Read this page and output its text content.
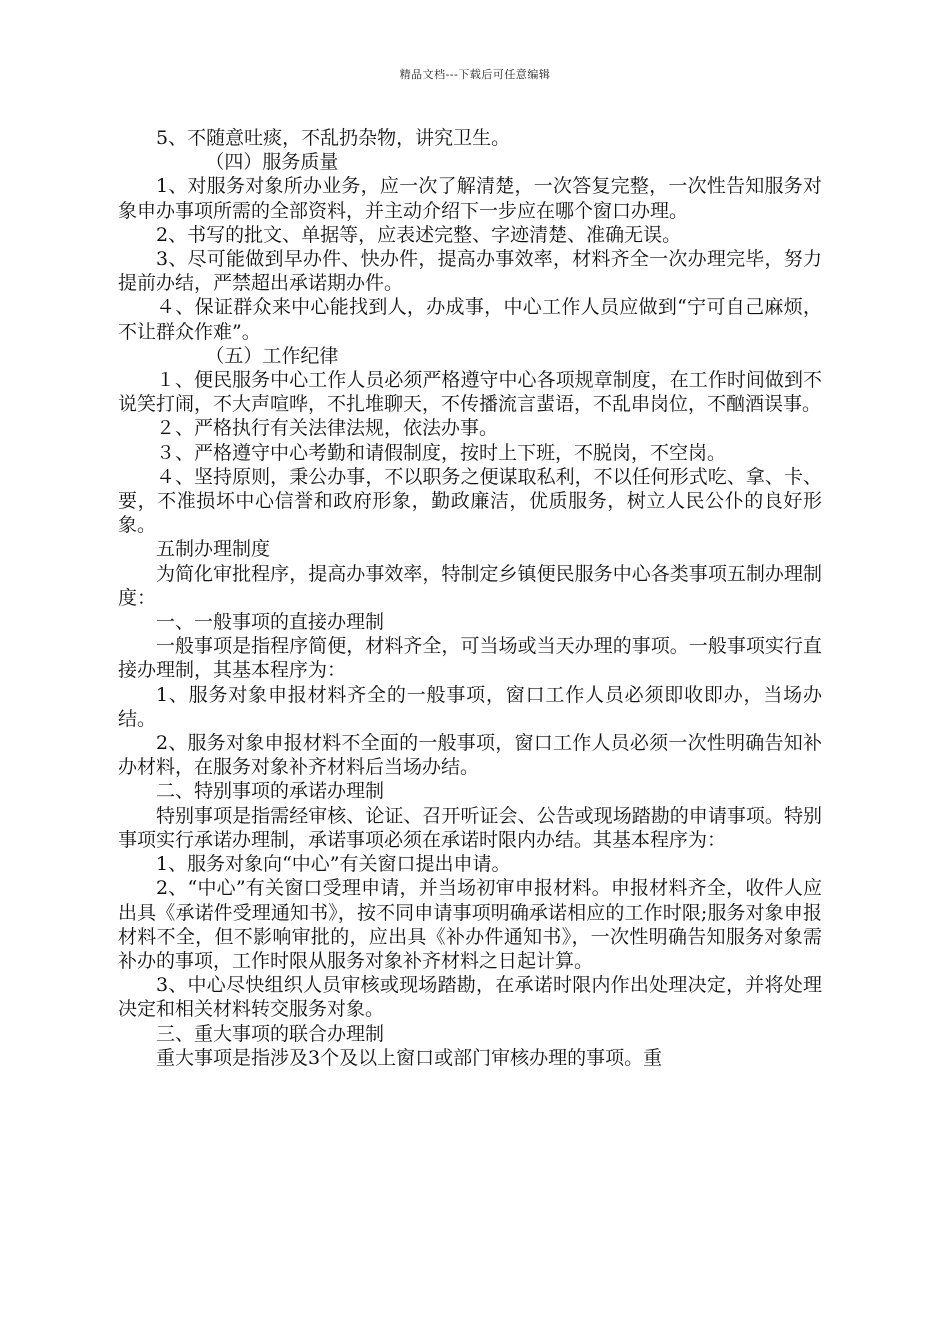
精品文档---下载后可任意编辑

5、不随意吐痰，不乱扔杂物，讲究卫生。

（四）服务质量

1、对服务对象所办业务，应一次了解清楚，一次答复完整，一次性告知服务对象申办事项所需的全部资料，并主动介绍下一步应在哪个窗口办理。

2、书写的批文、单据等，应表述完整、字迹清楚、准确无误。

3、尽可能做到早办件、快办件，提高办事效率，材料齐全一次办理完毕，努力提前办结，严禁超出承诺期办件。

４、保证群众来中心能找到人，办成事，中心工作人员应做到“宁可自己麻烦，不让群众作难”。

（五）工作纪律

１、便民服务中心工作人员必须严格遵守中心各项规章制度，在工作时间做到不说笑打闹，不大声喧哗，不扎堆聊天，不传播流言蜚语，不乱串岗位，不酗酒误事。

２、严格执行有关法律法规，依法办事。

３、严格遵守中心考勤和请假制度，按时上下班，不脱岗，不空岗。

４、坚持原则，秉公办事，不以职务之便谋取私利，不以任何形式吃、拿、卡、要，不准损坏中心信誉和政府形象，勤政廉洁，优质服务，树立人民公仆的良好形象。

五制办理制度

为简化审批程序，提高办事效率，特制定乡镇便民服务中心各类事项五制办理制度：

一、一般事项的直接办理制

一般事项是指程序简便，材料齐全，可当场或当天办理的事项。一般事项实行直接办理制，其基本程序为：

1、服务对象申报材料齐全的一般事项，窗口工作人员必须即收即办，当场办结。

2、服务对象申报材料不全面的一般事项，窗口工作人员必须一次性明确告知补办材料，在服务对象补齐材料后当场办结。

二、特别事项的承诺办理制

特别事项是指需经审核、论证、召开听证会、公告或现场踏勘的申请事项。特别事项实行承诺办理制，承诺事项必须在承诺时限内办结。其基本程序为：

1、服务对象向“中心”有关窗口提出申请。

2、“中心”有关窗口受理申请，并当场初审申报材料。申报材料齐全，收件人应出具《承诺件受理通知书》，按不同申请事项明确承诺相应的工作时限;服务对象申报材料不全，但不影响审批的，应出具《补办件通知书》，一次性明确告知服务对象需补办的事项，工作时限从服务对象补齐材料之日起计算。

3、中心尽快组织人员审核或现场踏勘，在承诺时限内作出处理决定，并将处理决定和相关材料转交服务对象。

三、重大事项的联合办理制

重大事项是指涉及3个及以上窗口或部门审核办理的事项。重
